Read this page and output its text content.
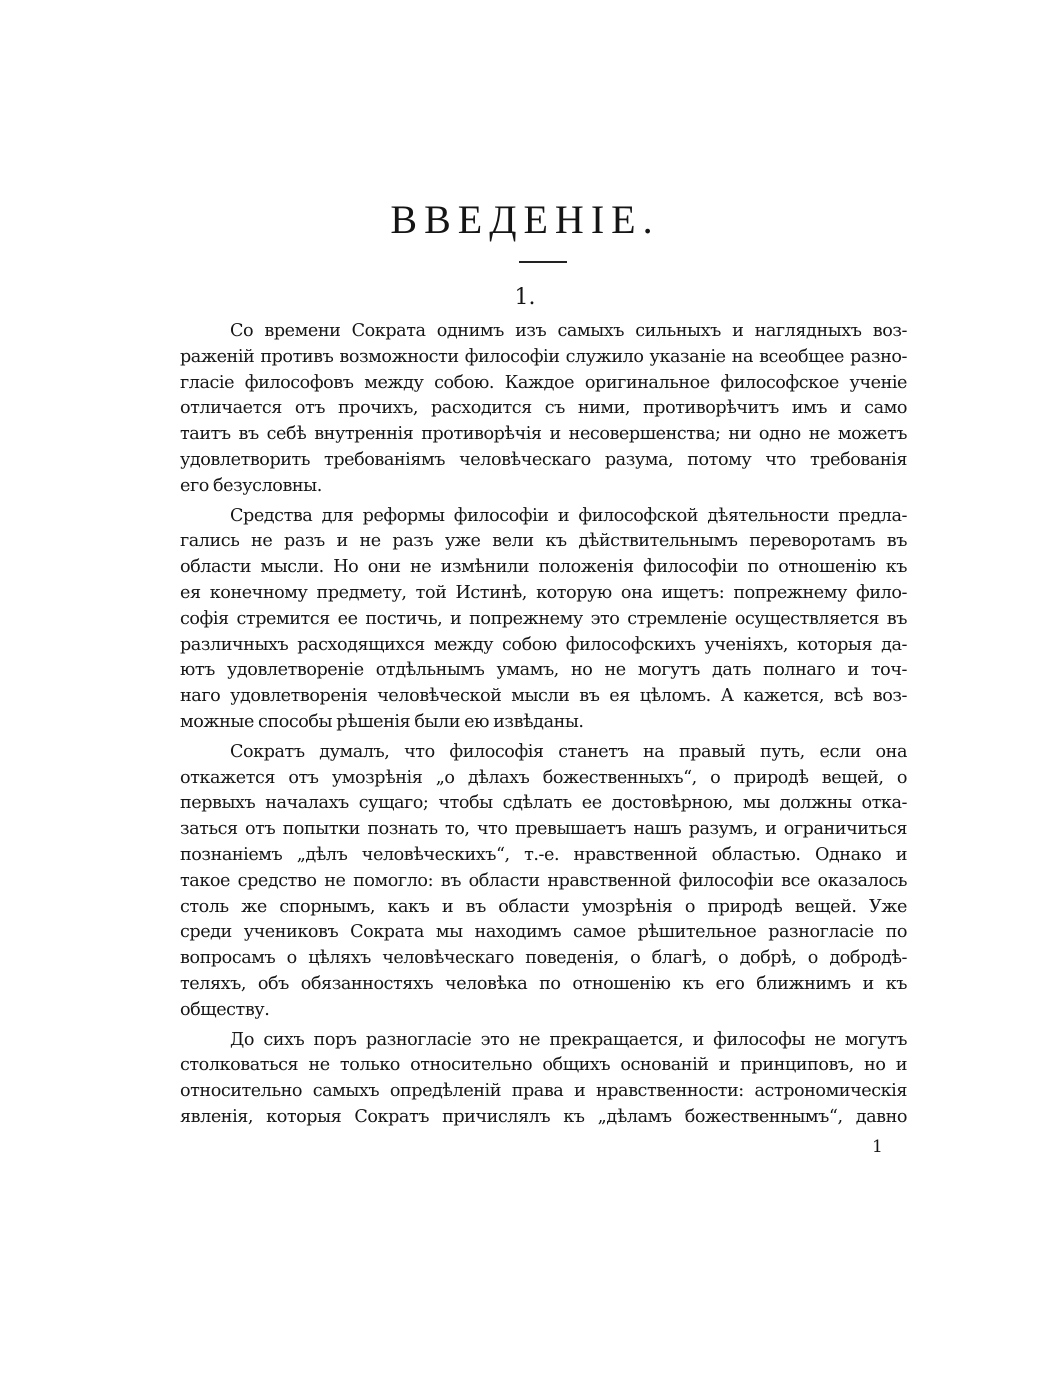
ВВЕДЕНІЕ.
1.
Со времени Сократа однимъ изъ самыхъ сильныхъ и наглядныхъ воз-
раженій противъ возможности философіи служило указаніе на всеобщее разно-
гласіе философовъ между собою. Каждое оригинальное философское ученіе
отличается отъ прочихъ, расходится съ ними, противорѣчитъ имъ и само
таитъ въ себѣ внутреннія противорѣчія и несовершенства; ни одно не можетъ
удовлетворить требованіямъ человѣческаго разума, потому что требованія
его безусловны.
Средства для реформы философіи и философской дѣятельности предла-
гались не разъ и не разъ уже вели къ дѣйствительнымъ переворотамъ въ
области мысли. Но они не измѣнили положенія философіи по отношенію къ
ея конечному предмету, той Истинѣ, которую она ищетъ: попрежнему фило-
софія стремится ее постичь, и попрежнему это стремленіе осуществляется въ
различныхъ расходящихся между собою философскихъ ученіяхъ, которыя да-
ютъ удовлетвореніе отдѣльнымъ умамъ, но не могутъ дать полнаго и точ-
наго удовлетворенія человѣческой мысли въ ея цѣломъ. А кажется, всѣ воз-
можные способы рѣшенія были ею извѣданы.
Сократъ думалъ, что философія станетъ на правый путь, если она
откажется отъ умозрѣнія „о дѣлахъ божественныхъ“, о природѣ вещей, о
первыхъ началахъ сущаго; чтобы сдѣлать ее достовѣрною, мы должны отка-
заться отъ попытки познать то, что превышаетъ нашъ разумъ, и ограничиться
познаніемъ „дѣлъ человѣческихъ“, т.-е. нравственной областью. Однако и
такое средство не помогло: въ области нравственной философіи все оказалось
столь же спорнымъ, какъ и въ области умозрѣнія о природѣ вещей. Уже
среди учениковъ Сократа мы находимъ самое рѣшительное разногласіе по
вопросамъ о цѣляхъ человѣческаго поведенія, о благѣ, о добрѣ, о добродѣ-
теляхъ, объ обязанностяхъ человѣка по отношенію къ его ближнимъ и къ
обществу.
До сихъ поръ разногласіе это не прекращается, и философы не могутъ
столковаться не только относительно общихъ основаній и принциповъ, но и
относительно самыхъ опредѣленій права и нравственности: астрономическія
явленія, которыя Сократъ причислялъ къ „дѣламъ божественнымъ“, давно
1
